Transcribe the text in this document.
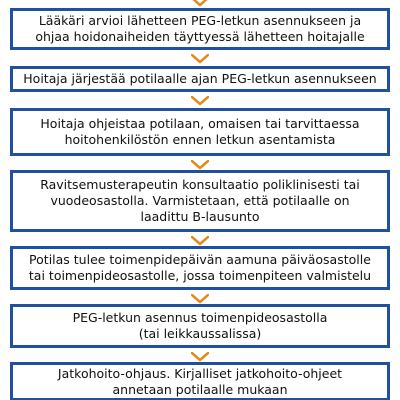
Lääkäri arvioi lähetteen PEG-letkun asennukseen ja
ohjaa hoidonaiheiden täyttyessä lähetteen hoitajalle
Hoitaja järjestää potilaalle ajan PEG-letkun asennukseen
Hoitaja ohjeistaa potilaan, omaisen tai tarvittaessa
hoitohenkilöstön ennen letkun asentamista
Ravitsemusterapeutin konsultaatio poliklinisesti tai
vuodeosastolla. Varmistetaan, että potilaalle on
laadittu B-lausunto
Potilas tulee toimenpidepäivän aamuna päiväosastolle
tai toimenpideosastolle, jossa toimenpiteen valmistelu
PEG-letkun asennus toimenpideosastolla
(tai leikkaussalissa)
Jatkohoito-ohjaus. Kirjalliset jatkohoito-ohjeet
annetaan potilaalle mukaan
